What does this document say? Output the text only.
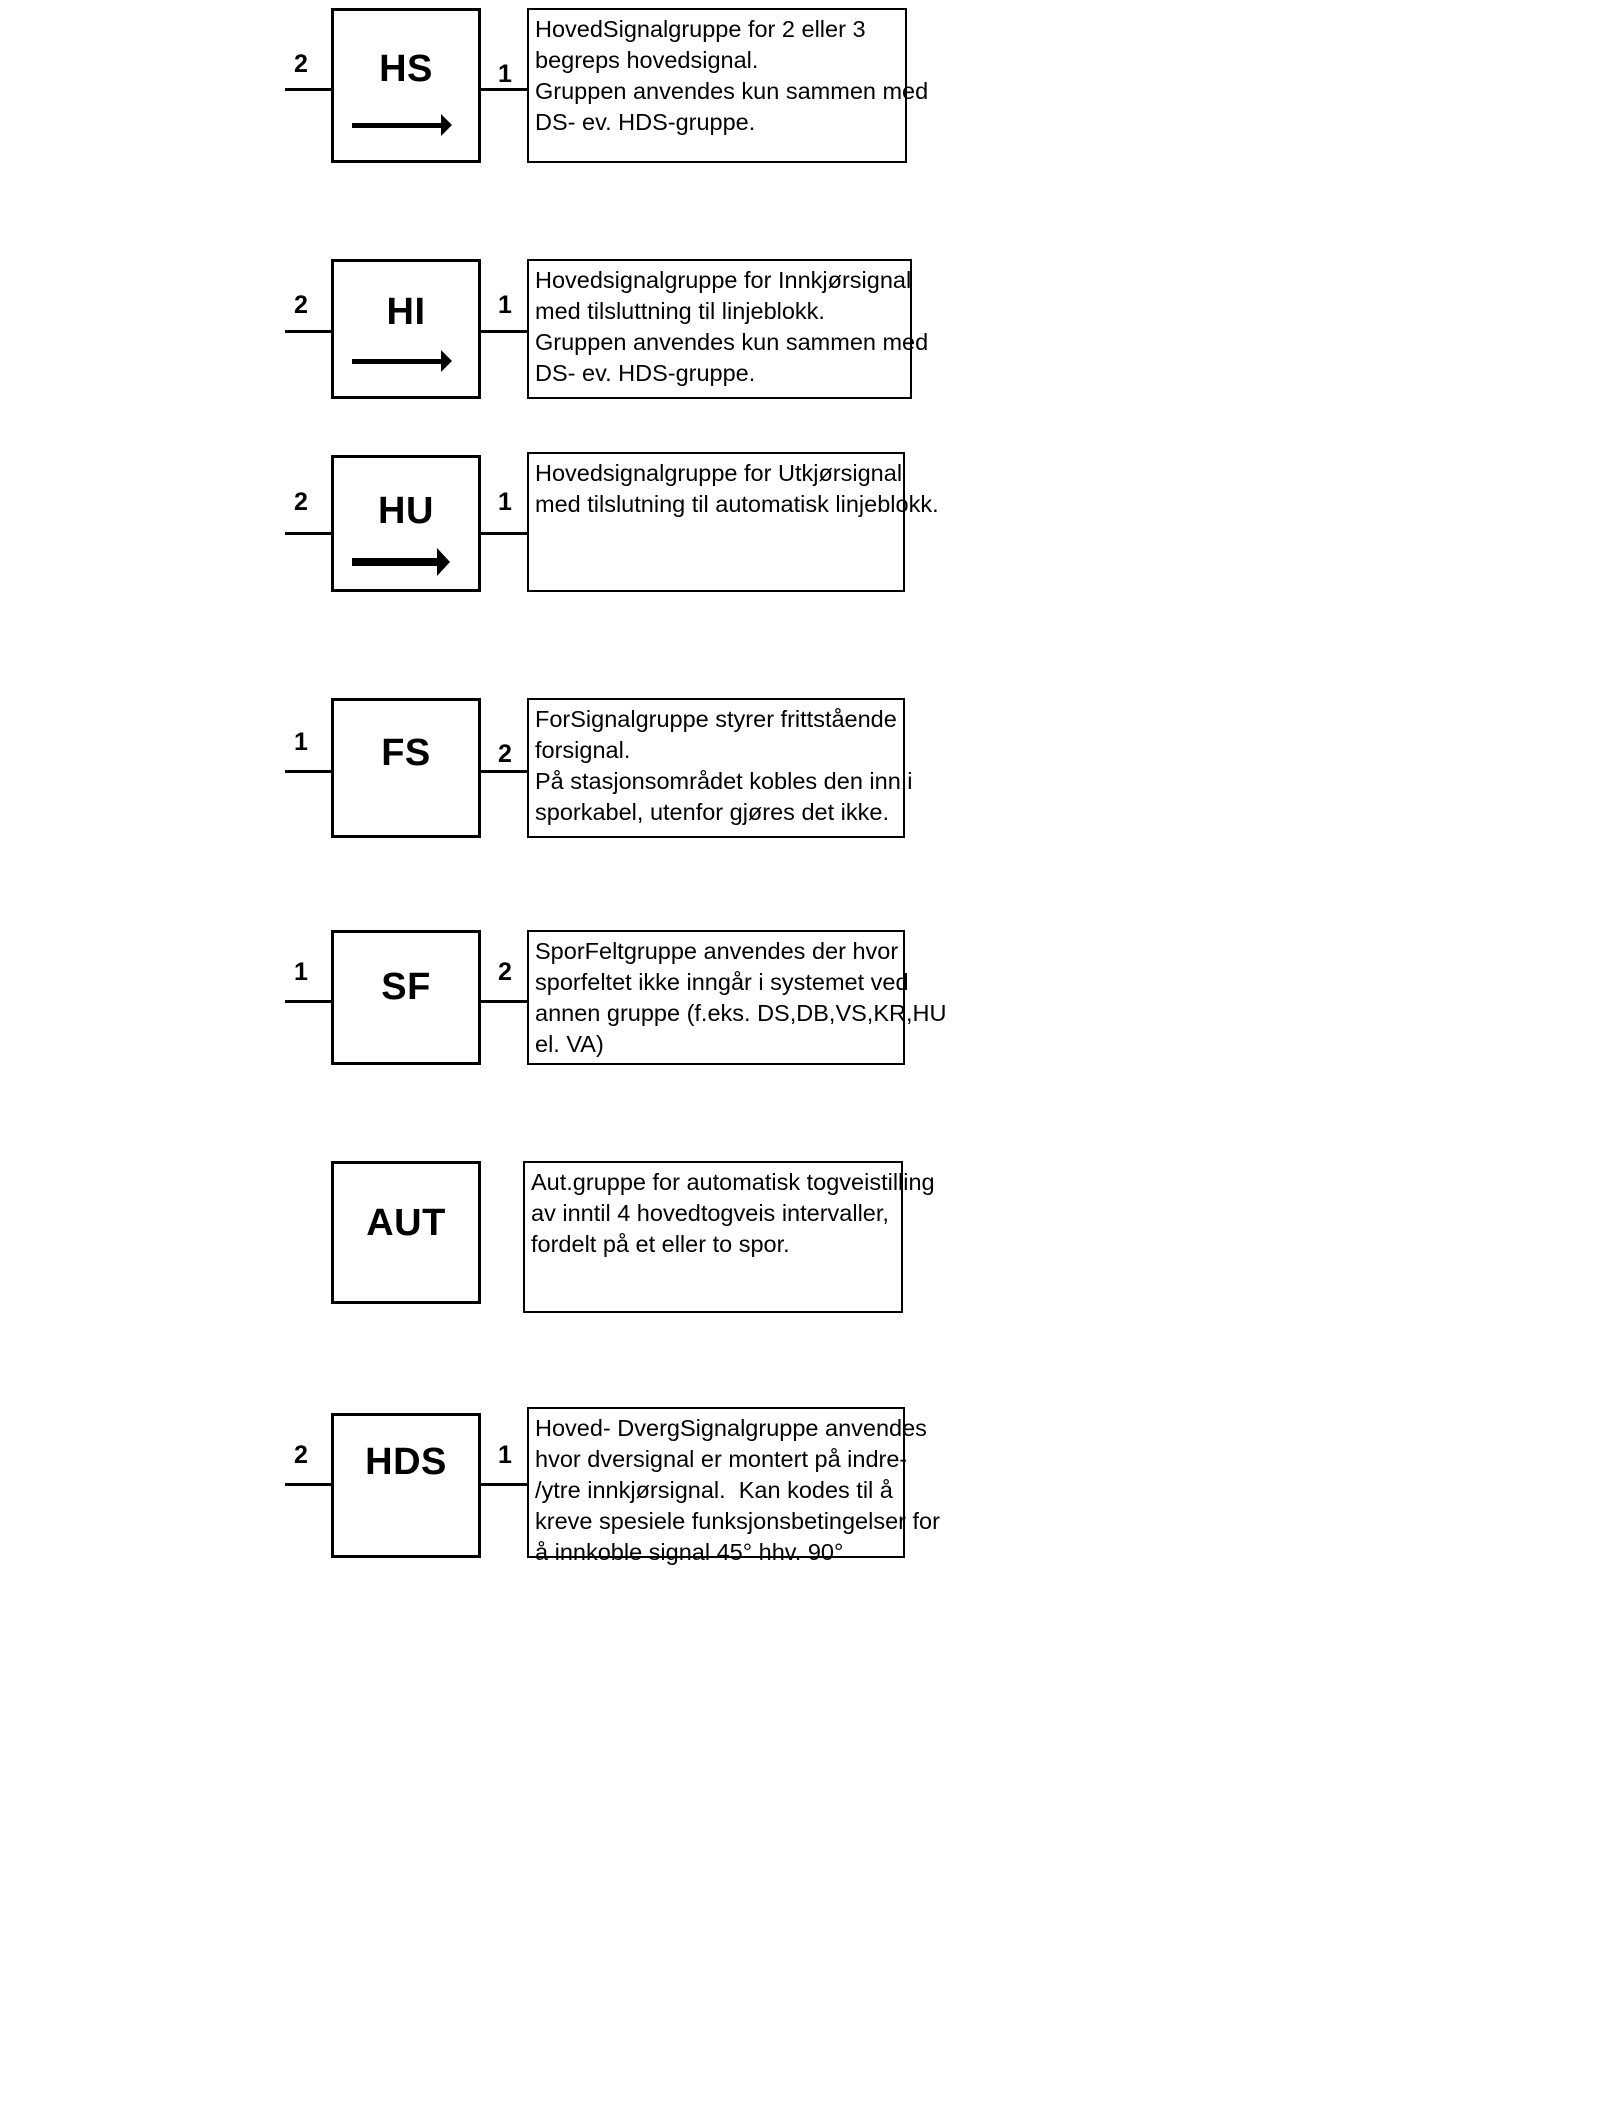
2	1
HS
HovedSignalgruppe for 2 eller 3
begreps hovedsignal.
Gruppen anvendes kun sammen med
DS- ev. HDS-gruppe.
2	1
HI
Hovedsignalgruppe for Innkjørsignal
med tilsluttning til linjeblokk.
Gruppen anvendes kun sammen med
DS- ev. HDS-gruppe.
2	1
HU
Hovedsignalgruppe for Utkjørsignal
med tilslutning til automatisk linjeblokk.
1	2
FS
ForSignalgruppe styrer frittstående
forsignal.
På stasjonsområdet kobles den inn i
sporkabel, utenfor gjøres det ikke.
1	2
SF
SporFeltgruppe anvendes der hvor
sporfeltet ikke inngår i systemet ved
annen gruppe (f.eks. DS,DB,VS,KR,HU
el. VA)
AUT
Aut.gruppe for automatisk togveistilling
av inntil 4 hovedtogveis intervaller,
fordelt på et eller to spor.
2	1
HDS
Hoved- DvergSignalgruppe anvendes
hvor dversignal er montert på indre-
/ytre innkjørsignal.  Kan kodes til å
kreve spesiele funksjonsbetingelser for
å innkoble signal 45° hhv. 90°
